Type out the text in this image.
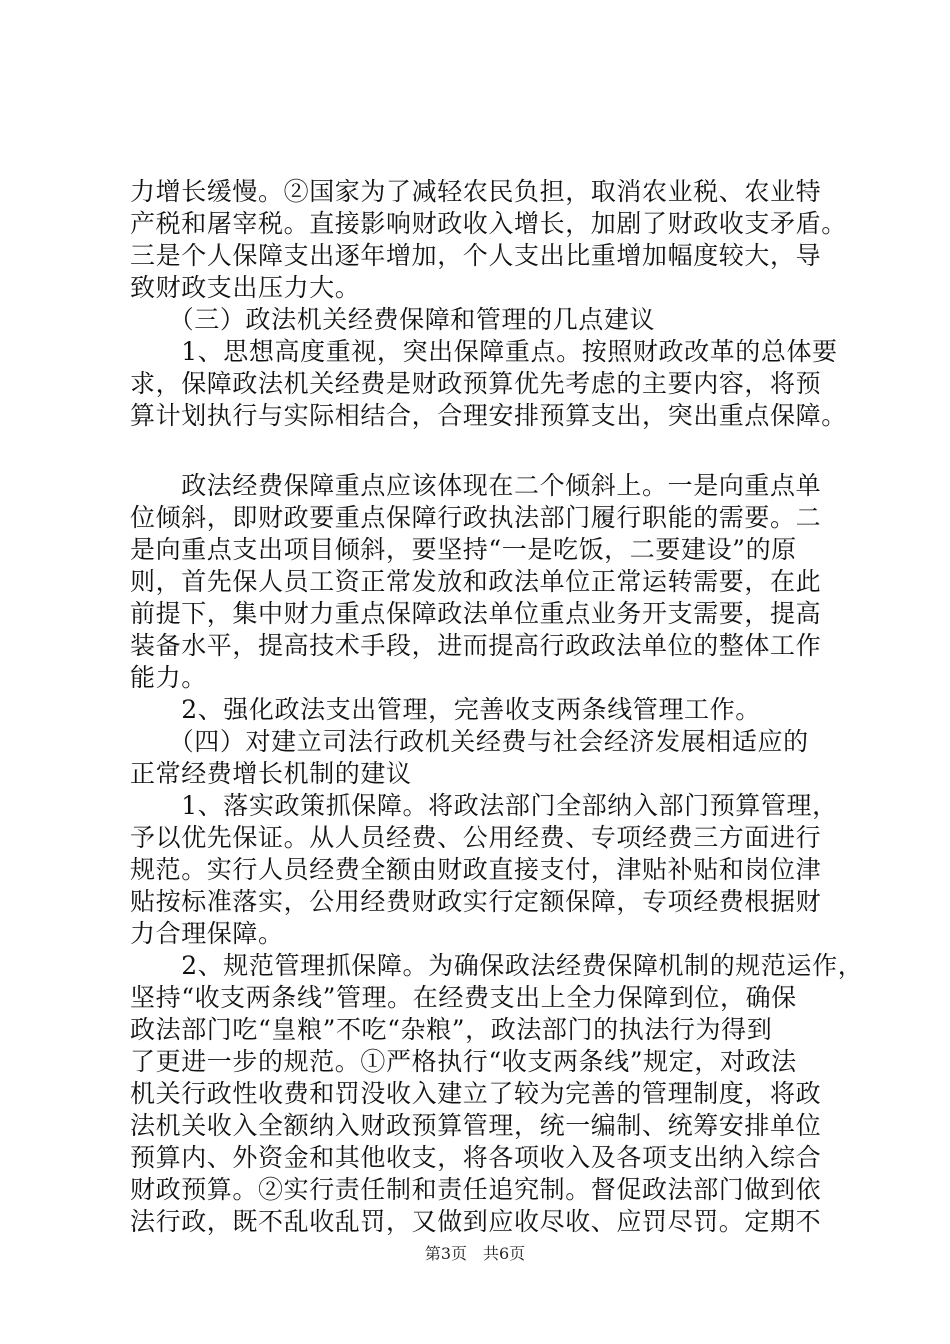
力增长缓慢。②国家为了减轻农民负担，取消农业税、农业特
产税和屠宰税。直接影响财政收入增长，加剧了财政收支矛盾。
三是个人保障支出逐年增加，个人支出比重增加幅度较大，导
致财政支出压力大。
　　（三）政法机关经费保障和管理的几点建议
　　1、思想高度重视，突出保障重点。按照财政改革的总体要
求，保障政法机关经费是财政预算优先考虑的主要内容，将预
算计划执行与实际相结合，合理安排预算支出，突出重点保障。
　　政法经费保障重点应该体现在二个倾斜上。一是向重点单
位倾斜，即财政要重点保障行政执法部门履行职能的需要。二
是向重点支出项目倾斜，要坚持“一是吃饭，二要建设”的原
则，首先保人员工资正常发放和政法单位正常运转需要，在此
前提下，集中财力重点保障政法单位重点业务开支需要，提高
装备水平，提高技术手段，进而提高行政政法单位的整体工作
能力。
　　2、强化政法支出管理，完善收支两条线管理工作。
　　（四）对建立司法行政机关经费与社会经济发展相适应的
正常经费增长机制的建议
　　1、落实政策抓保障。将政法部门全部纳入部门预算管理，
予以优先保证。从人员经费、公用经费、专项经费三方面进行
规范。实行人员经费全额由财政直接支付，津贴补贴和岗位津
贴按标准落实，公用经费财政实行定额保障，专项经费根据财
力合理保障。
　　2、规范管理抓保障。为确保政法经费保障机制的规范运作，
坚持“收支两条线”管理。在经费支出上全力保障到位，确保
政法部门吃“皇粮”不吃“杂粮”，政法部门的执法行为得到
了更进一步的规范。①严格执行“收支两条线”规定，对政法
机关行政性收费和罚没收入建立了较为完善的管理制度，将政
法机关收入全额纳入财政预算管理，统一编制、统筹安排单位
预算内、外资金和其他收支，将各项收入及各项支出纳入综合
财政预算。②实行责任制和责任追究制。督促政法部门做到依
法行政，既不乱收乱罚，又做到应收尽收、应罚尽罚。定期不
第3页　共6页
